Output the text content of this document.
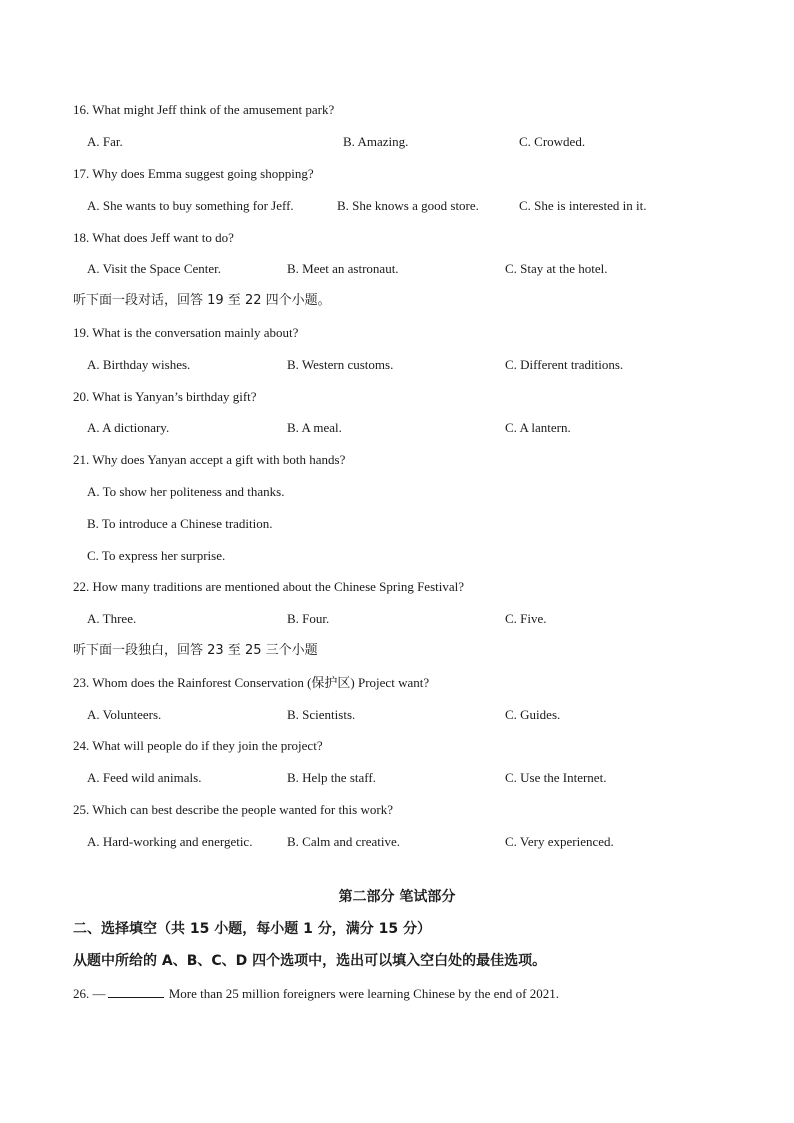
16. What might Jeff think of the amusement park?
A. Far.	B. Amazing.	C. Crowded.
17. Why does Emma suggest going shopping?
A. She wants to buy something for Jeff.	B. She knows a good store.	C. She is interested in it.
18. What does Jeff want to do?
A. Visit the Space Center.	B. Meet an astronaut.	C. Stay at the hotel.
听下面一段对话，回答 19 至 22 四个小题。
19. What is the conversation mainly about?
A. Birthday wishes.	B. Western customs.	C. Different traditions.
20. What is Yanyan’s birthday gift?
A. A dictionary.	B. A meal.	C. A lantern.
21. Why does Yanyan accept a gift with both hands?
A. To show her politeness and thanks.
B. To introduce a Chinese tradition.
C. To express her surprise.
22. How many traditions are mentioned about the Chinese Spring Festival?
A. Three.	B. Four.	C. Five.
听下面一段独白，回答 23 至 25 三个小题
23. Whom does the Rainforest Conservation (保护区) Project want?
A. Volunteers.	B. Scientists.	C. Guides.
24. What will people do if they join the project?
A. Feed wild animals.	B. Help the staff.	C. Use the Internet.
25. Which can best describe the people wanted for this work?
A. Hard-working and energetic.	B. Calm and creative.	C. Very experienced.
第二部分 笔试部分
二、选择填空（共 15 小题，每小题 1 分，满分 15 分）
从题中所给的 A、B、C、D 四个选项中，选出可以填入空白处的最佳选项。
26. —	More than 25 million foreigners were learning Chinese by the end of 2021.
